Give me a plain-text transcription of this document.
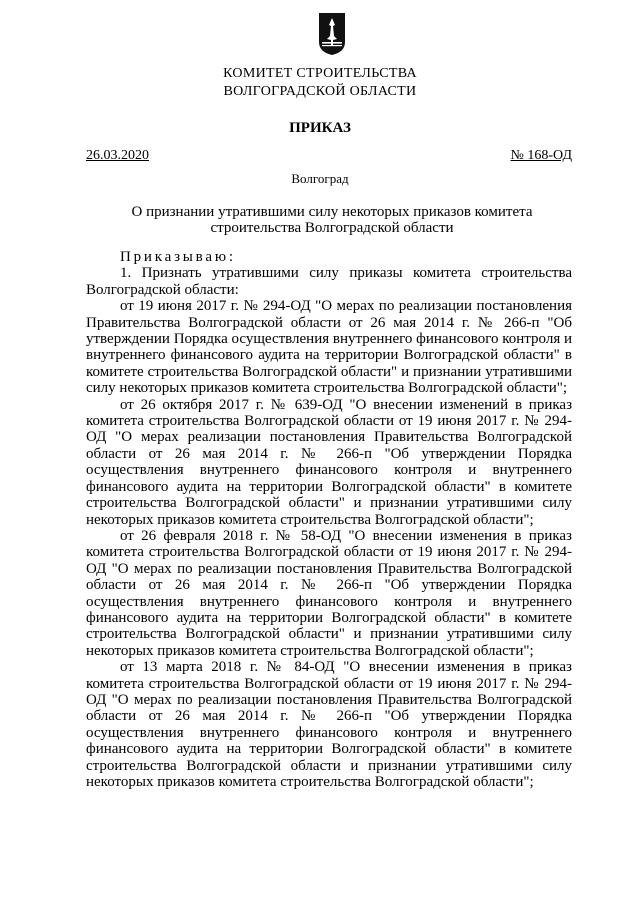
КОМИТЕТ СТРОИТЕЛЬСТВА
ВОЛГОГРАДСКОЙ ОБЛАСТИ
ПРИКАЗ
26.03.2020	№ 168-ОД
Волгоград
О признании утратившими силу некоторых приказов комитета строительства Волгоградской области

Приказываю:

1. Признать утратившими силу приказы комитета строительства Волгоградской области:

от 19 июня 2017 г. № 294-ОД "О мерах по реализации постановления Правительства Волгоградской области от 26 мая 2014 г. № 266-п "Об утверждении Порядка осуществления внутреннего финансового контроля и внутреннего финансового аудита на территории Волгоградской области" в комитете строительства Волгоградской области" и признании утратившими силу некоторых приказов комитета строительства Волгоградской области";

от 26 октября 2017 г. № 639-ОД "О внесении изменений в приказ комитета строительства Волгоградской области от 19 июня 2017 г. № 294-ОД "О мерах реализации постановления Правительства Волгоградской области от 26 мая 2014 г. № 266-п "Об утверждении Порядка осуществления внутреннего финансового контроля и внутреннего финансового аудита на территории Волгоградской области" в комитете строительства Волгоградской области" и признании утратившими силу некоторых приказов комитета строительства Волгоградской области";

от 26 февраля 2018 г. № 58-ОД "О внесении изменения в приказ комитета строительства Волгоградской области от 19 июня 2017 г. № 294-ОД "О мерах по реализации постановления Правительства Волгоградской области от 26 мая 2014 г. № 266-п "Об утверждении Порядка осуществления внутреннего финансового контроля и внутреннего финансового аудита на территории Волгоградской области" в комитете строительства Волгоградской области" и признании утратившими силу некоторых приказов комитета строительства Волгоградской области";

от 13 марта 2018 г. № 84-ОД "О внесении изменения в приказ комитета строительства Волгоградской области от 19 июня 2017 г. № 294-ОД "О мерах по реализации постановления Правительства Волгоградской области от 26 мая 2014 г. № 266-п "Об утверждении Порядка осуществления внутреннего финансового контроля и внутреннего финансового аудита на территории Волгоградской области" в комитете строительства Волгоградской области и признании утратившими силу некоторых приказов комитета строительства Волгоградской области";
